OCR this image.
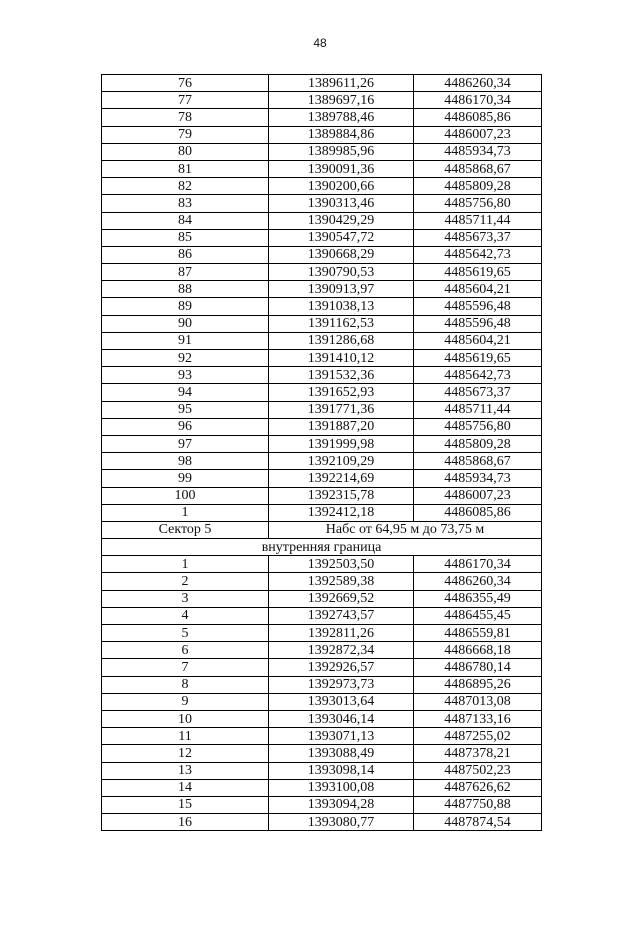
48
76	1389611,26	4486260,34
77	1389697,16	4486170,34
78	1389788,46	4486085,86
79	1389884,86	4486007,23
80	1389985,96	4485934,73
81	1390091,36	4485868,67
82	1390200,66	4485809,28
83	1390313,46	4485756,80
84	1390429,29	4485711,44
85	1390547,72	4485673,37
86	1390668,29	4485642,73
87	1390790,53	4485619,65
88	1390913,97	4485604,21
89	1391038,13	4485596,48
90	1391162,53	4485596,48
91	1391286,68	4485604,21
92	1391410,12	4485619,65
93	1391532,36	4485642,73
94	1391652,93	4485673,37
95	1391771,36	4485711,44
96	1391887,20	4485756,80
97	1391999,98	4485809,28
98	1392109,29	4485868,67
99	1392214,69	4485934,73
100	1392315,78	4486007,23
1	1392412,18	4486085,86
Сектор 5	Набс от 64,95 м до 73,75 м	
внутренняя граница		
1	1392503,50	4486170,34
2	1392589,38	4486260,34
3	1392669,52	4486355,49
4	1392743,57	4486455,45
5	1392811,26	4486559,81
6	1392872,34	4486668,18
7	1392926,57	4486780,14
8	1392973,73	4486895,26
9	1393013,64	4487013,08
10	1393046,14	4487133,16
11	1393071,13	4487255,02
12	1393088,49	4487378,21
13	1393098,14	4487502,23
14	1393100,08	4487626,62
15	1393094,28	4487750,88
16	1393080,77	4487874,54
